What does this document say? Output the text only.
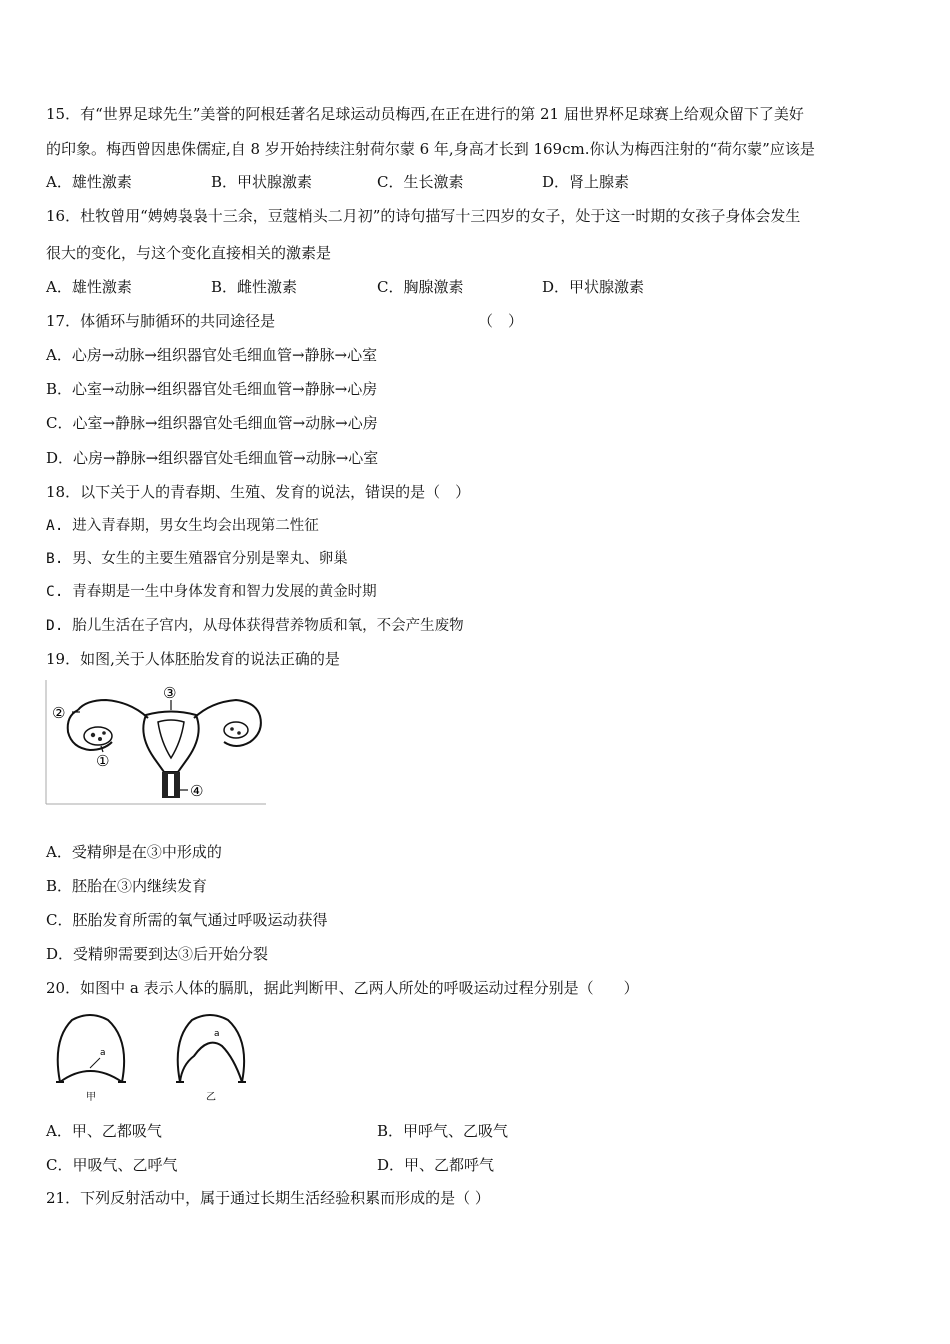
15．有“世界足球先生”美誉的阿根廷著名足球运动员梅西,在正在进行的第 21 届世界杯足球赛上给观众留下了美好
的印象。梅西曾因患侏儒症,自 8 岁开始持续注射荷尔蒙 6 年,身高才长到 169cm.你认为梅西注射的“荷尔蒙”应该是
A．雄性激素	B．甲状腺激素	C．生长激素	D．肾上腺素
16．杜牧曾用“娉娉袅袅十三余，豆蔻梢头二月初”的诗句描写十三四岁的女子，处于这一时期的女孩子身体会发生
很大的变化，与这个变化直接相关的激素是
A．雄性激素	B．雌性激素	C．胸腺激素	D．甲状腺激素
17．体循环与肺循环的共同途径是	（　）
A．心房→动脉→组织器官处毛细血管→静脉→心室
B．心室→动脉→组织器官处毛细血管→静脉→心房
C．心室→静脉→组织器官处毛细血管→动脉→心房
D．心房→静脉→组织器官处毛细血管→动脉→心室
18．以下关于人的青春期、生殖、发育的说法，错误的是（　）
A. 进入青春期，男女生均会出现第二性征
B. 男、女生的主要生殖器官分别是睾丸、卵巢
C. 青春期是一生中身体发育和智力发展的黄金时期
D. 胎儿生活在子宫内，从母体获得营养物质和氧，不会产生废物
19．如图,关于人体胚胎发育的说法正确的是
①
②
③
④
A．受精卵是在③中形成的
B．胚胎在③内继续发育
C．胚胎发育所需的氧气通过呼吸运动获得
D．受精卵需要到达③后开始分裂
20．如图中 a 表示人体的膈肌，据此判断甲、乙两人所处的呼吸运动过程分别是（　　）
a
甲
a
乙
A．甲、乙都吸气	B．甲呼气、乙吸气
C．甲吸气、乙呼气	D．甲、乙都呼气
21．下列反射活动中，属于通过长期生活经验积累而形成的是（ ）
